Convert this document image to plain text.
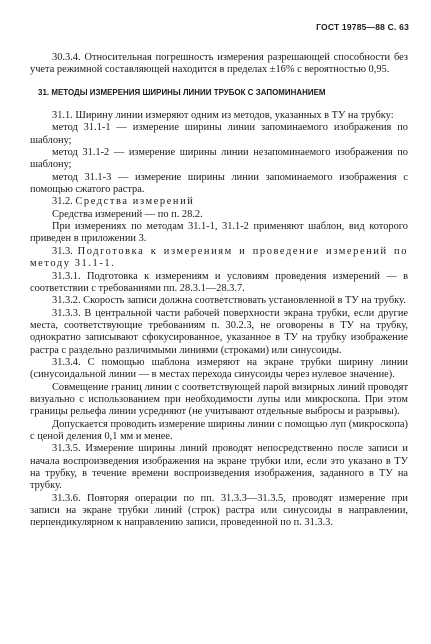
ГОСТ 19785—88 С. 63

30.3.4. Относительная погрешность измерения разрешающей способности без учета режимной составляющей находится в пределах ±16% с вероятностью 0,95.

31. МЕТОДЫ ИЗМЕРЕНИЯ ШИРИНЫ ЛИНИИ ТРУБОК С ЗАПОМИНАНИЕМ

31.1. Ширину линии измеряют одним из методов, указанных в ТУ на трубку:

метод 31.1-1 — измерение ширины линии запоминаемого изображения по шаблону;

метод 31.1-2 — измерение ширины линии незапоминаемого изображения по шаблону;

метод 31.1-3 — измерение ширины линии запоминаемого изображения с помощью сжатого растра.

31.2. Средства измерений

Средства измерений — по п. 28.2.

При измерениях по методам 31.1-1, 31.1-2 применяют шаблон, вид которого приведен в приложении 3.

31.3. Подготовка к измерениям и проведение измерений по методу 31.1-1.

31.3.1. Подготовка к измерениям и условиям проведения измерений — в соответствии с требованиями пп. 28.3.1—28.3.7.

31.3.2. Скорость записи должна соответствовать установленной в ТУ на трубку.

31.3.3. В центральной части рабочей поверхности экрана трубки, если другие места, соответствующие требованиям п. 30.2.3, не оговорены в ТУ на трубку, однократно записывают сфокусированное, указанное в ТУ на трубку изображение растра с раздельно различимыми линиями (строками) или синусоиды.

31.3.4. С помощью шаблона измеряют на экране трубки ширину линии (синусоидальной линии — в местах перехода синусоиды через нулевое значение).

Совмещение границ линии с соответствующей парой визирных линий проводят визуально с использованием при необходимости лупы или микроскопа. При этом границы рельефа линии усредняют (не учитывают отдельные выбросы и разрывы).

Допускается проводить измерение ширины линии с помощью луп (микроскопа) с ценой деления 0,1 мм и менее.

31.3.5. Измерение ширины линий проводят непосредственно после записи и начала воспроизведения изображения на экране трубки или, если это указано в ТУ на трубку, в течение времени воспроизведения изображения, заданного в ТУ на трубку.

31.3.6. Повторяя операции по пп. 31.3.3—31.3.5, проводят измерение при записи на экране трубки линий (строк) растра или синусоиды в направлении, перпендикулярном к направлению записи, проведенной по п. 31.3.3.
